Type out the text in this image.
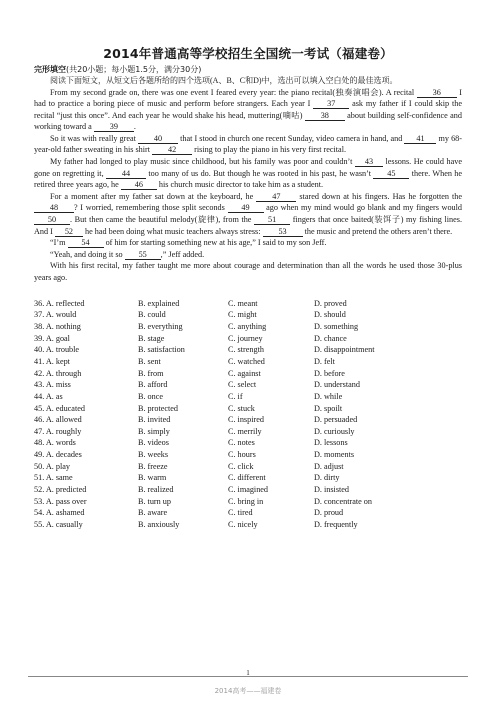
2014年普通高等学校招生全国统一考试（福建卷）
完形填空(共20小题；每小题1.5分，满分30分)

阅读下面短文，从短文后各题所给的四个选项(A、B、C和D)中，选出可以填入空白处的最佳选项。

From my second grade on, there was one event I feared every year: the piano recital(独奏演唱会). A recital 36 I had to practice a boring piece of music and perform before strangers. Each year I 37 ask my father if I could skip the recital “just this once”. And each year he would shake his head, muttering(嘀咕) 38 about building self-confidence and working toward a 39 .

So it was with really great 40 that I stood in church one recent Sunday, video camera in hand, and 41 my 68-year-old father sweating in his shirt 42 rising to play the piano in his very first recital.

My father had longed to play music since childhood, but his family was poor and couldn’t 43 lessons. He could have gone on regretting it, 44 too many of us do. But though he was rooted in his past, he wasn’t 45 there. When he retired three years ago, he 46 his church music director to take him as a student.

For a moment after my father sat down at the keyboard, he 47 stared down at his fingers. Has he forgotten the 48 ? I worried, remembering those split seconds 49 ago when my mind would go blank and my fingers would 50 . But then came the beautiful melody(旋律), from the 51 fingers that once baited(装饵子) my fishing lines. And I 52 he had been doing what music teachers always stress: 53 the music and pretend the others aren’t there.

“I’m 54 of him for starting something new at his age,” I said to my son Jeff.

“Yeah, and doing it so 55 ,” Jeff added.

With his first recital, my father taught me more about courage and determination than all the words he used those 30-plus years ago.

36. A. reflected	B. explained	C. meant	D. proved
37. A. would	B. could	C. might	D. should
38. A. nothing	B. everything	C. anything	D. something
39. A. goal	B. stage	C. journey	D. chance
40. A. trouble	B. satisfaction	C. strength	D. disappointment
41. A. kept	B. sent	C. watched	D. felt
42. A. through	B. from	C. against	D. before
43. A. miss	B. afford	C. select	D. understand
44. A. as	B. once	C. if	D. while
45. A. educated	B. protected	C. stuck	D. spoilt
46. A. allowed	B. invited	C. inspired	D. persuaded
47. A. roughly	B. simply	C. merrily	D. curiously
48. A. words	B. videos	C. notes	D. lessons
49. A. decades	B. weeks	C. hours	D. moments
50. A. play	B. freeze	C. click	D. adjust
51. A. same	B. warm	C. different	D. dirty
52. A. predicted	B. realized	C. imagined	D. insisted
53. A. pass over	B. turn up	C. bring in	D. concentrate on
54. A. ashamed	B. aware	C. tired	D. proud
55. A. casually	B. anxiously	C. nicely	D. frequently
1
2014高考——福建卷
